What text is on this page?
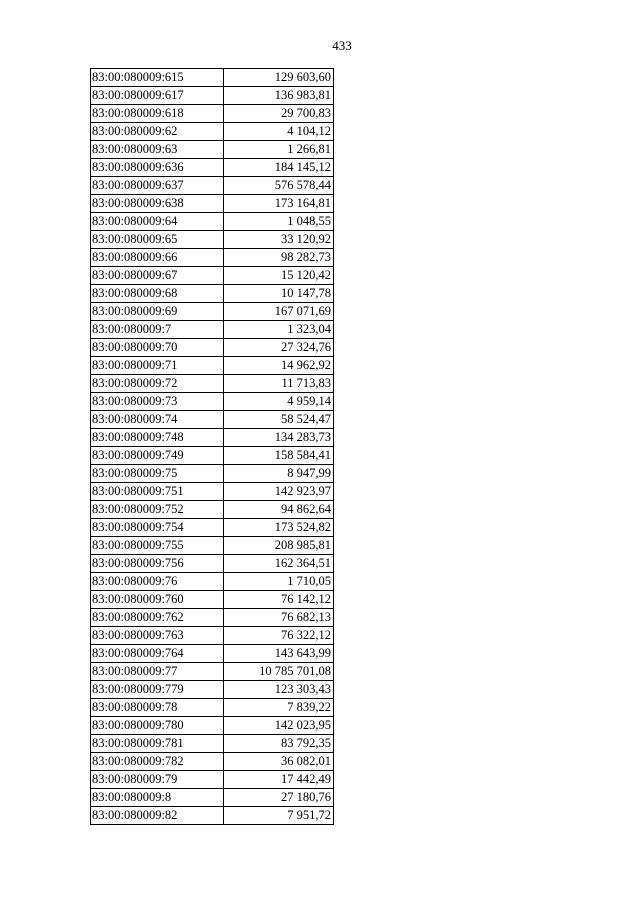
433
83:00:080009:615	129 603,60
83:00:080009:617	136 983,81
83:00:080009:618	29 700,83
83:00:080009:62	4 104,12
83:00:080009:63	1 266,81
83:00:080009:636	184 145,12
83:00:080009:637	576 578,44
83:00:080009:638	173 164,81
83:00:080009:64	1 048,55
83:00:080009:65	33 120,92
83:00:080009:66	98 282,73
83:00:080009:67	15 120,42
83:00:080009:68	10 147,78
83:00:080009:69	167 071,69
83:00:080009:7	1 323,04
83:00:080009:70	27 324,76
83:00:080009:71	14 962,92
83:00:080009:72	11 713,83
83:00:080009:73	4 959,14
83:00:080009:74	58 524,47
83:00:080009:748	134 283,73
83:00:080009:749	158 584,41
83:00:080009:75	8 947,99
83:00:080009:751	142 923,97
83:00:080009:752	94 862,64
83:00:080009:754	173 524,82
83:00:080009:755	208 985,81
83:00:080009:756	162 364,51
83:00:080009:76	1 710,05
83:00:080009:760	76 142,12
83:00:080009:762	76 682,13
83:00:080009:763	76 322,12
83:00:080009:764	143 643,99
83:00:080009:77	10 785 701,08
83:00:080009:779	123 303,43
83:00:080009:78	7 839,22
83:00:080009:780	142 023,95
83:00:080009:781	83 792,35
83:00:080009:782	36 082,01
83:00:080009:79	17 442,49
83:00:080009:8	27 180,76
83:00:080009:82	7 951,72
